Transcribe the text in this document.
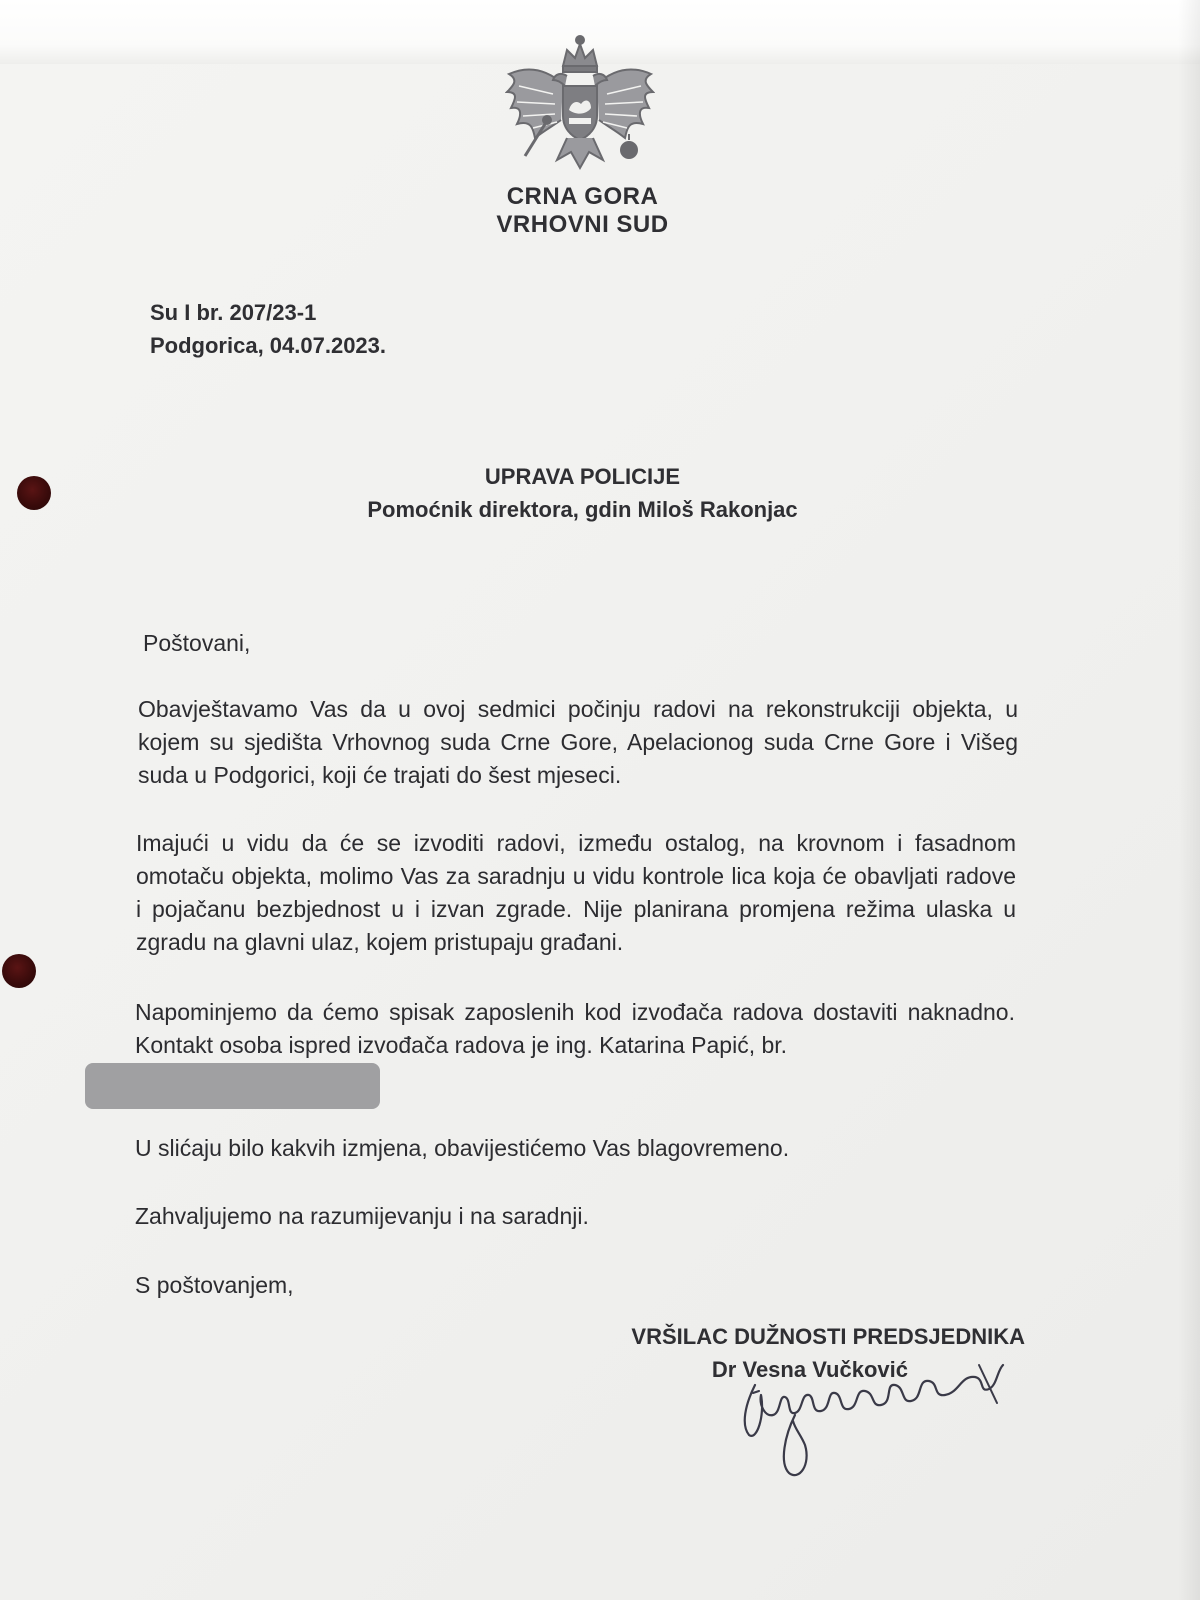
CRNA GORA
VRHOVNI SUD
Su I br. 207/23-1
Podgorica, 04.07.2023.
UPRAVA POLICIJE
Pomoćnik direktora, gdin Miloš Rakonjac
Poštovani,
Obavještavamo Vas da u ovoj sedmici počinju radovi na rekonstrukciji objekta, u kojem su sjedišta Vrhovnog suda Crne Gore, Apelacionog suda Crne Gore i Višeg suda u Podgorici, koji će trajati do šest mjeseci.
Imajući u vidu da će se izvoditi radovi, između ostalog, na krovnom i fasadnom omotaču objekta, molimo Vas za saradnju u vidu kontrole lica koja će obavljati radove i pojačanu bezbjednost u i izvan zgrade. Nije planirana promjena režima ulaska u zgradu na glavni ulaz, kojem pristupaju građani.
Napominjemo da ćemo spisak zaposlenih kod izvođača radova dostaviti naknadno. Kontakt osoba ispred izvođača radova je ing. Katarina Papić, br.
U slićaju bilo kakvih izmjena, obavijestićemo Vas blagovremeno.
Zahvaljujemo na razumijevanju i na saradnji.
S poštovanjem,
VRŠILAC DUŽNOSTI PREDSJEDNIKA
Dr Vesna Vučković
